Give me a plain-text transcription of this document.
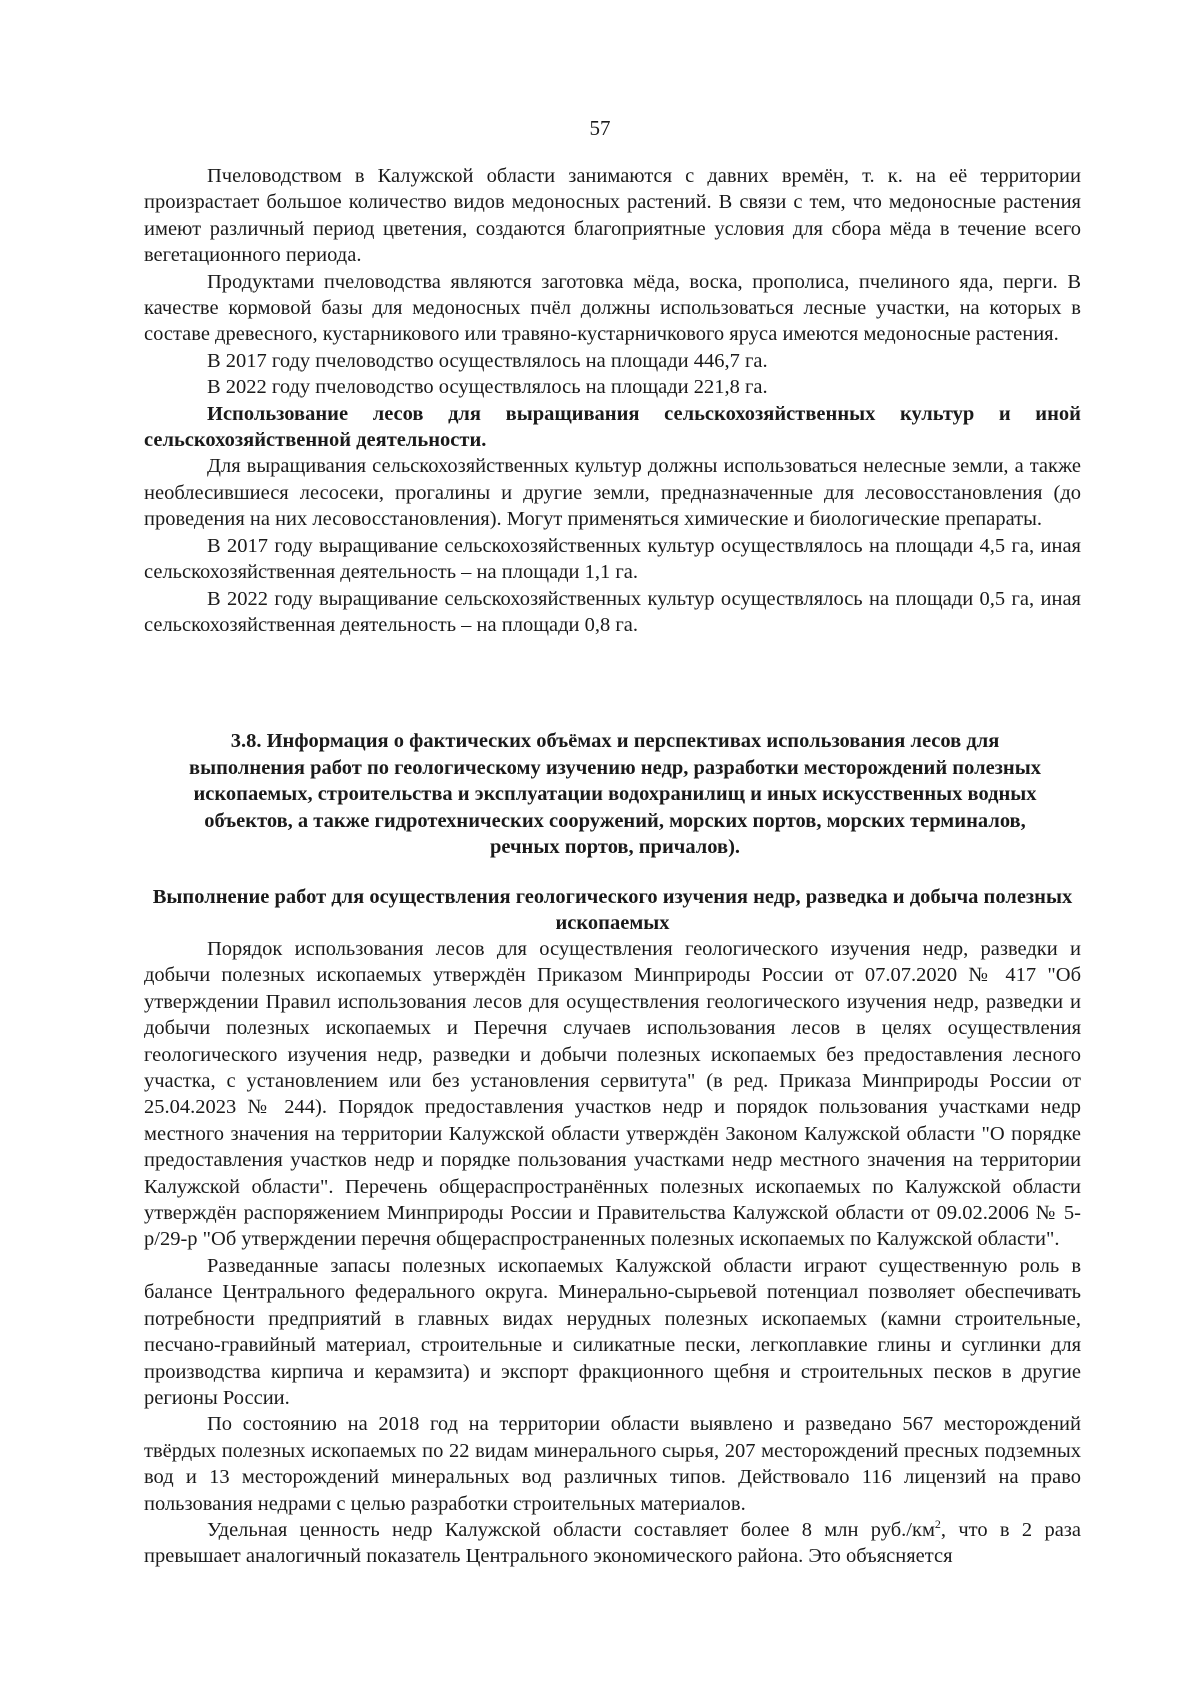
57

Пчеловодством в Калужской области занимаются с давних времён, т. к. на её территории произрастает большое количество видов медоносных растений. В связи с тем, что медоносные растения имеют различный период цветения, создаются благоприятные условия для сбора мёда в течение всего вегетационного периода.

Продуктами пчеловодства являются заготовка мёда, воска, прополиса, пчелиного яда, перги. В качестве кормовой базы для медоносных пчёл должны использоваться лесные участки, на которых в составе древесного, кустарникового или травяно-кустарничкового яруса имеются медоносные растения.

В 2017 году пчеловодство осуществлялось на площади 446,7 га.

В 2022 году пчеловодство осуществлялось на площади 221,8 га.

Использование лесов для выращивания сельскохозяйственных культур и иной сельскохозяйственной деятельности.

Для выращивания сельскохозяйственных культур должны использоваться нелесные земли, а также необлесившиеся лесосеки, прогалины и другие земли, предназначенные для лесовосстановления (до проведения на них лесовосстановления). Могут применяться химические и биологические препараты.

В 2017 году выращивание сельскохозяйственных культур осуществлялось на площади 4,5 га, иная сельскохозяйственная деятельность – на площади 1,1 га.

В 2022 году выращивание сельскохозяйственных культур осуществлялось на площади 0,5 га, иная сельскохозяйственная деятельность – на площади 0,8 га.

3.8. Информация о фактических объёмах и перспективах использования лесов для выполнения работ по геологическому изучению недр, разработки месторождений полезных ископаемых, строительства и эксплуатации водохранилищ и иных искусственных водных объектов, а также гидротехнических сооружений, морских портов, морских терминалов, речных портов, причалов).

Выполнение работ для осуществления геологического изучения недр, разведка и добыча полезных ископаемых

Порядок использования лесов для осуществления геологического изучения недр, разведки и добычи полезных ископаемых утверждён Приказом Минприроды России от 07.07.2020 № 417 "Об утверждении Правил использования лесов для осуществления геологического изучения недр, разведки и добычи полезных ископаемых и Перечня случаев использования лесов в целях осуществления геологического изучения недр, разведки и добычи полезных ископаемых без предоставления лесного участка, с установлением или без установления сервитута" (в ред. Приказа Минприроды России от 25.04.2023 № 244). Порядок предоставления участков недр и порядок пользования участками недр местного значения на территории Калужской области утверждён Законом Калужской области "О порядке предоставления участков недр и порядке пользования участками недр местного значения на территории Калужской области". Перечень общераспространённых полезных ископаемых по Калужской области утверждён распоряжением Минприроды России и Правительства Калужской области от 09.02.2006 № 5-р/29-р "Об утверждении перечня общераспространенных полезных ископаемых по Калужской области".

Разведанные запасы полезных ископаемых Калужской области играют существенную роль в балансе Центрального федерального округа. Минерально-сырьевой потенциал позволяет обеспечивать потребности предприятий в главных видах нерудных полезных ископаемых (камни строительные, песчано-гравийный материал, строительные и силикатные пески, легкоплавкие глины и суглинки для производства кирпича и керамзита) и экспорт фракционного щебня и строительных песков в другие регионы России.

По состоянию на 2018 год на территории области выявлено и разведано 567 месторождений твёрдых полезных ископаемых по 22 видам минерального сырья, 207 месторождений пресных подземных вод и 13 месторождений минеральных вод различных типов. Действовало 116 лицензий на право пользования недрами с целью разработки строительных материалов.

Удельная ценность недр Калужской области составляет более 8 млн $руб./км^2$, что в 2 раза превышает аналогичный показатель Центрального экономического района. Это объясняется
